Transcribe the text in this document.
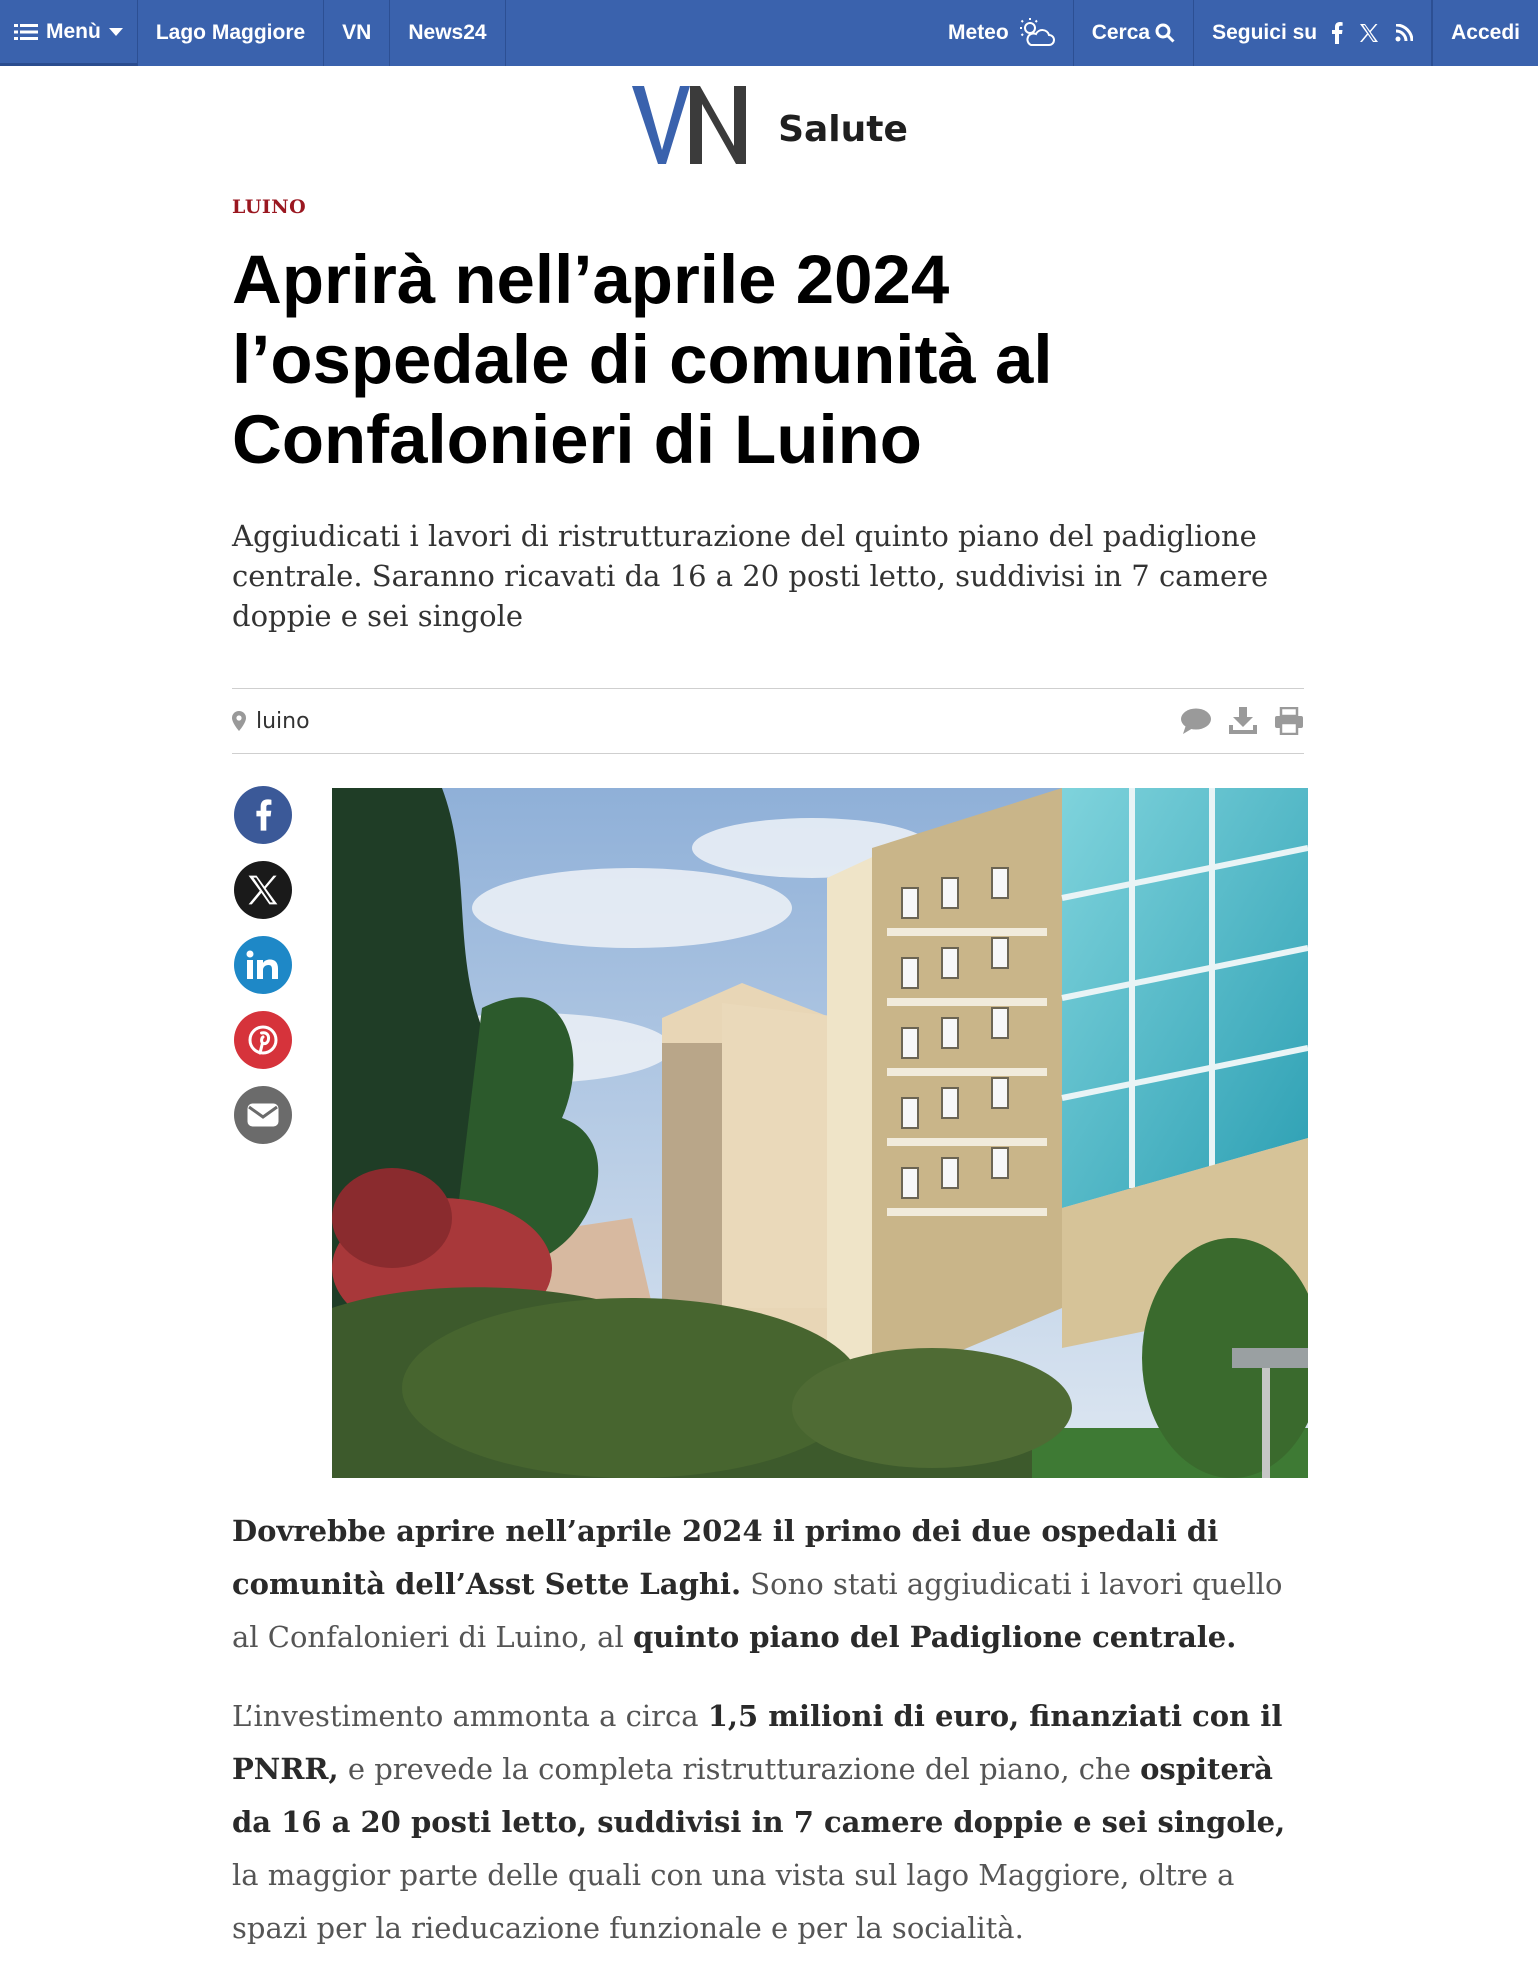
Menù	Lago Maggiore	VN	News24	Meteo	Cerca	Seguici su	Accedi
Salute
LUINO
Aprirà nell’aprile 2024 l’ospedale di comunità al Confalonieri di Luino
Aggiudicati i lavori di ristrutturazione del quinto piano del padiglione centrale. Saranno ricavati da 16 a 20 posti letto, suddivisi in 7 camere doppie e sei singole
luino

Dovrebbe aprire nell’aprile 2024 il primo dei due ospedali di comunità dell’Asst Sette Laghi. Sono stati aggiudicati i lavori quello al Confalonieri di Luino, al quinto piano del Padiglione centrale.

L’investimento ammonta a circa 1,5 milioni di euro, finanziati con il PNRR, e prevede la completa ristrutturazione del piano, che ospiterà da 16 a 20 posti letto, suddivisi in 7 camere doppie e sei singole, la maggior parte delle quali con una vista sul lago Maggiore, oltre a spazi per la rieducazione funzionale e per la socialità.
